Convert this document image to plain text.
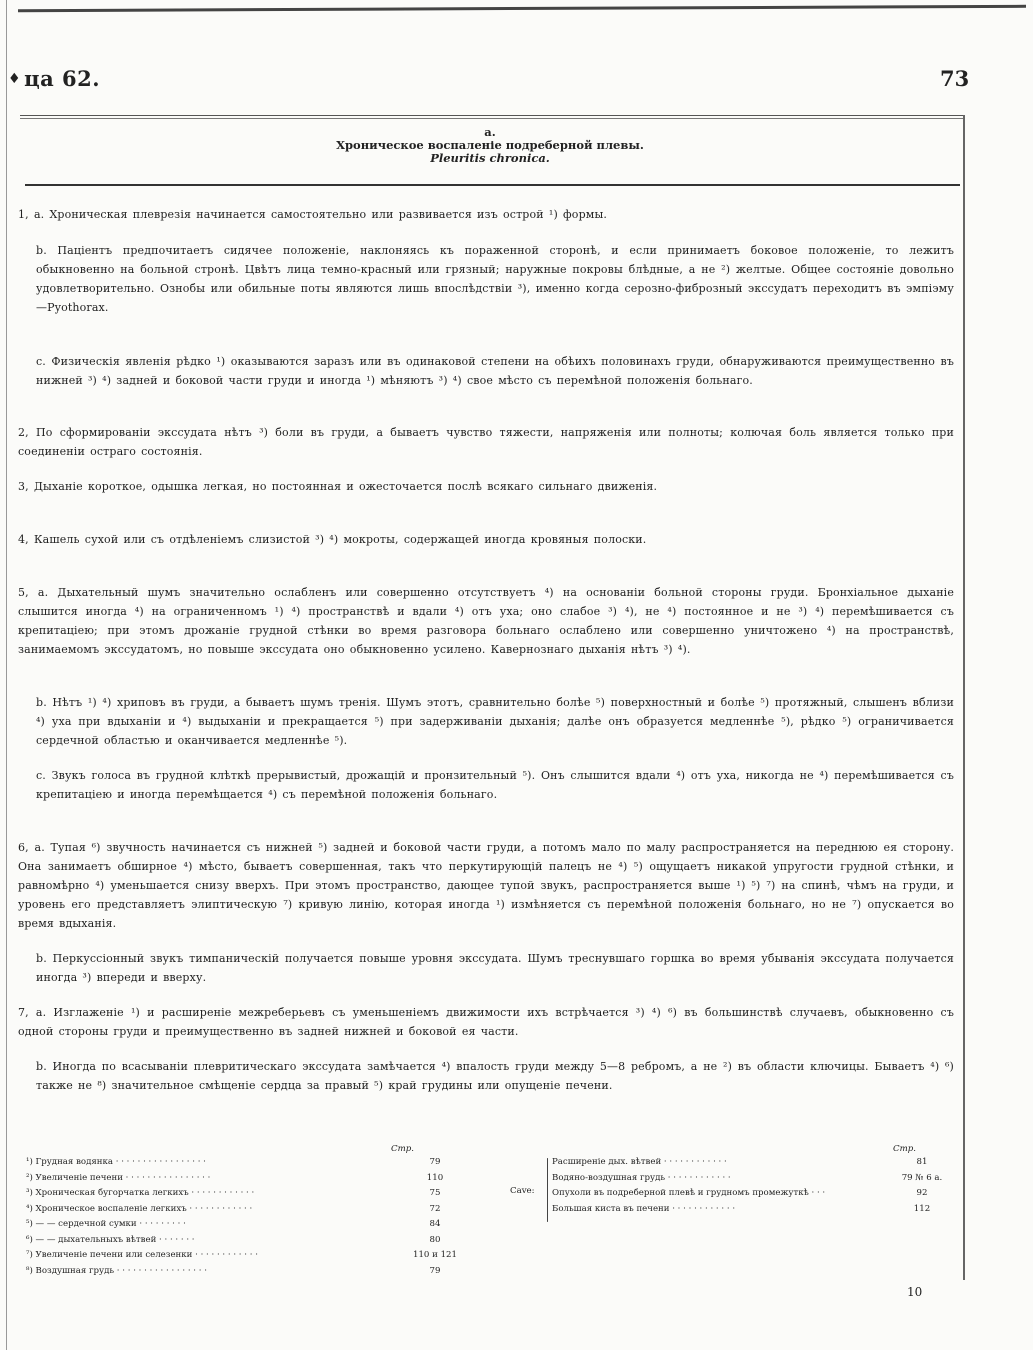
♦ ца 62.	73
а.
Хроническое воспаленіе подреберной плевы.
Pleuritis chronica.

1, а. Хроническая плеврезія начинается самостоятельно или развивается изъ острой ¹) формы.

b. Паціентъ предпочитаетъ сидячее положеніе, наклоняясь къ пораженной сторонѣ, и если принимаетъ боковое положеніе, то лежитъ обыкновенно на больной стронѣ. Цвѣтъ лица темно-красный или грязный; наружные покровы блѣдные, а не ²) желтые. Общее состояніе довольно удовлетворительно. Ознобы или обильные поты являются лишь впослѣдствіи ³), именно когда серозно-фиброзный экссудатъ переходитъ въ эмпіэму—Pyothorax.

c. Физическія явленія рѣдко ¹) оказываются заразъ или въ одинаковой степени на обѣихъ половинахъ груди, обнаруживаются преимущественно въ нижней ³) ⁴) задней и боковой части груди и иногда ¹) мѣняютъ ³) ⁴) свое мѣсто съ перемѣной положенія больнаго.

2, По сформированіи экссудата нѣтъ ³) боли въ груди, а бываетъ чувство тяжести, напряженія или полноты; колючая боль является только при соединеніи остраго состоянія.

3, Дыханіе короткое, одышка легкая, но постоянная и ожесточается послѣ всякаго сильнаго движенія.

4, Кашель сухой или съ отдѣленіемъ слизистой ³) ⁴) мокроты, содержащей иногда кровяныя полоски.

5, а. Дыхательный шумъ значительно ослабленъ или совершенно отсутствуетъ ⁴) на основаніи больной стороны груди. Бронхіальное дыханіе слышится иногда ⁴) на ограниченномъ ¹) ⁴) пространствѣ и вдали ⁴) отъ уха; оно слабое ³) ⁴), не ⁴) постоянное и не ³) ⁴) перемѣшивается съ крепитаціею; при этомъ дрожаніе грудной стѣнки во время разговора больнаго ослаблено или совершенно уничтожено ⁴) на пространствѣ, занимаемомъ экссудатомъ, но повыше экссудата оно обыкновенно усилено. Кавернознаго дыханія нѣтъ ³) ⁴).

b. Нѣтъ ¹) ⁴) хриповъ въ груди, а бываетъ шумъ тренія. Шумъ этотъ, сравнительно болѣе ⁵) поверхностный и болѣе ⁵) протяжный, слышенъ вблизи ⁴) уха при вдыханіи и ⁴) выдыханіи и прекращается ⁵) при задерживаніи дыханія; далѣе онъ образуется медленнѣе ⁵), рѣдко ⁵) ограничивается сердечной областью и оканчивается медленнѣе ⁵).

c. Звукъ голоса въ грудной клѣткѣ прерывистый, дрожащій и пронзительный ⁵). Онъ слышится вдали ⁴) отъ уха, никогда не ⁴) перемѣшивается съ крепитаціею и иногда перемѣщается ⁴) съ перемѣной положенія больнаго.

6, а. Тупая ⁶) звучность начинается съ нижней ⁵) задней и боковой части груди, а потомъ мало по малу распространяется на переднюю ея сторону. Она занимаетъ обширное ⁴) мѣсто, бываетъ совершенная, такъ что перкутирующій палецъ не ⁴) ⁵) ощущаетъ никакой упругости грудной стѣнки, и равномѣрно ⁴) уменьшается снизу вверхъ. При этомъ пространство, дающее тупой звукъ, распространяется выше ¹) ⁵) ⁷) на спинѣ, чѣмъ на груди, и уровень его представляетъ элиптическую ⁷) кривую линію, которая иногда ¹) измѣняется съ перемѣной положенія больнаго, но не ⁷) опускается во время вдыханія.

b. Перкуссіонный звукъ тимпаническій получается повыше уровня экссудата. Шумъ треснувшаго горшка во время убыванія экссудата получается иногда ³) впереди и вверху.

7, а. Изглаженіе ¹) и расширеніе межреберьевъ съ уменьшеніемъ движимости ихъ встрѣчается ³) ⁴) ⁶) въ большинствѣ случаевъ, обыкновенно съ одной стороны груди и преимущественно въ задней нижней и боковой ея части.

b. Иногда по всасываніи плевритическаго экссудата замѣчается ⁴) впалость груди между 5—8 ребромъ, а не ²) въ области ключицы. Бываетъ ⁴) ⁶) также не ⁸) значительное смѣщеніе сердца за правый ⁵) край грудины или опущеніе печени.

Стр.
¹) Грудная водянка · · · · · · · · · · · · · · · · ·	79
²) Увеличеніе печени · · · · · · · · · · · · · · · ·	110
³) Хроническая бугорчатка легкихъ · · · · · · · · · · · ·	75
⁴) Хроническое воспаленіе легкихъ · · · · · · · · · · · ·	72
⁵) — — сердечной сумки · · · · · · · · ·	84
⁶) — — дыхательныхъ вѣтвей · · · · · · ·	80
⁷) Увеличеніе печени или селезенки · · · · · · · · · · · ·	110 и 121
⁸) Воздушная грудь · · · · · · · · · · · · · · · · ·	79
Стр.
Cave:
Расширеніе дых. вѣтвей · · · · · · · · · · · ·	81
Водяно-воздушная грудь · · · · · · · · · · · ·	79 № 6 а.
Опухоли въ подреберной плевѣ и грудномъ промежуткѣ · · ·	92
Большая киста въ печени · · · · · · · · · · · ·	112
10
